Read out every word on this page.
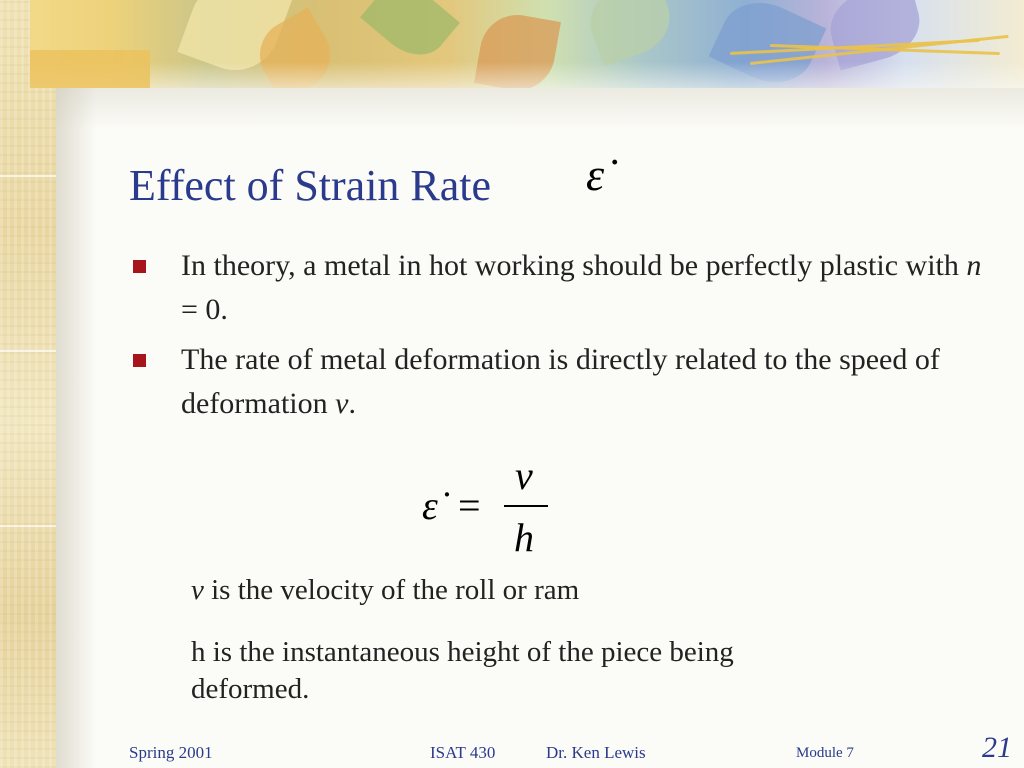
Effect of Strain Rate ε̇
In theory, a metal in hot working should be perfectly plastic with n = 0.
The rate of metal deformation is directly related to the speed of deformation v.
ε̇ =
v
h
v is the velocity of the roll or ram
h is the instantaneous height of the piece being deformed.
Spring 2001	ISAT 430	Dr. Ken Lewis	Module 7	21
